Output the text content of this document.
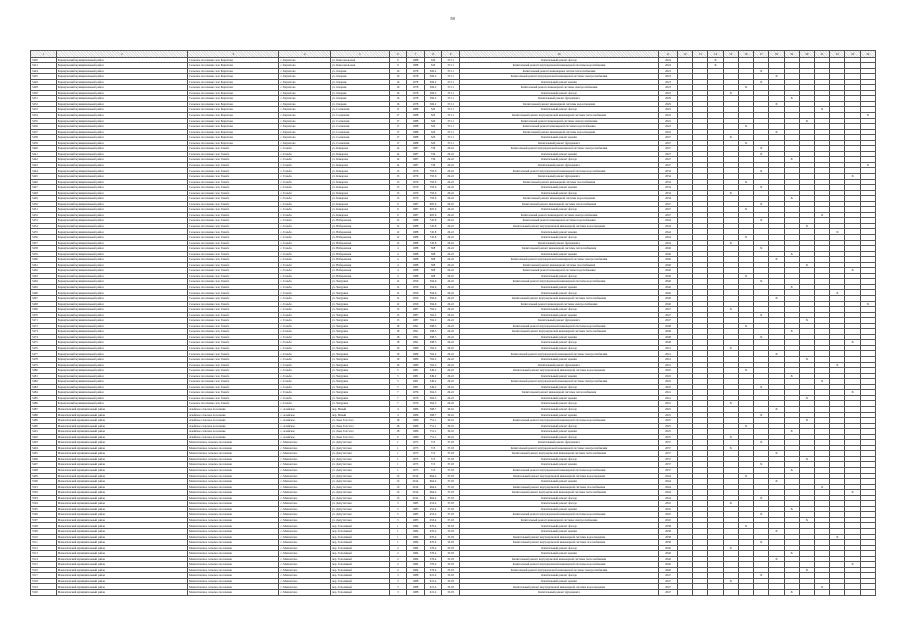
58
1	2	3	4	5	6	7	8	9	10	11	12	13	14	15	16	17	18	19	20	21	22	23	24
5420	Барнаульский муниципальный район	Сельское поселение село Бархатово	с. Бархатово	ул. Комсомольская	9	1988	520	37.11	Капитальный ремонт фасада	2024			X										
5421	Барнаульский муниципальный район	Сельское поселение село Бархатово	с. Бархатово	ул. Комсомольская	9	1988	520	37.11	Капитальный ремонт внутридомовой инженерной системы водоснабжения	2024			X										
5424	Барнаульский муниципальный район	Сельское поселение село Бархатово	с. Бархатово	ул. Озерная	16	1978	306.2	37.11	Капитальный ремонт инженерных систем теплоснабжения	2023						X							
5425	Барнаульский муниципальный район	Сельское поселение село Бархатово	с. Бархатово	ул. Озерная	16	1978	306.2	37.11	Капитальный ремонт внутридомовой инженерной системы электроснабжения	2023							X						
5426	Барнаульский муниципальный район	Сельское поселение село Бархатово	с. Бархатово	ул. Озерная	16	1978	306.2	37.11	Капитальный ремонт крыши	2023						X							
5428	Барнаульский муниципальный район	Сельское поселение село Бархатово	с. Бархатово	ул. Озерная	16	1978	306.2	37.11	Капитальный ремонт инженерной системы электроснабжения	2023					X								
5430	Барнаульский муниципальный район	Сельское поселение село Бархатово	с. Бархатово	ул. Озерная	16	1978	306.2	37.11	Капитальный ремонт фасада	2023				X									
5431	Барнаульский муниципальный район	Сельское поселение село Бархатово	с. Бархатово	ул. Озерная	16	1978	306.2	37.11	Капитальный ремонт фундамента	2029								X					
5432	Барнаульский муниципальный район	Сельское поселение село Бархатово	с. Бархатово	ул. Озерная	16	1978	306.2	37.11	Капитальный ремонт инженерной системы водоотведения	2029							X						
5433	Барнаульский муниципальный район	Сельское поселение село Бархатово	с. Бархатово	ул. Солнечная	17	1988	520	37.11	Капитальный ремонт фасада	2022										X			
5434	Барнаульский муниципальный район	Сельское поселение село Бархатово	с. Бархатово	ул. Солнечная	17	1988	520	37.11	Капитальный ремонт внутридомовой инженерной системы теплоснабжения	2022													X
5435	Барнаульский муниципальный район	Сельское поселение село Бархатово	с. Бархатово	ул. Солнечная	17	1988	520	37.11	Капитальный ремонт инженерной системы электроснабжения	2022									X				
5436	Барнаульский муниципальный район	Сельское поселение село Бархатово	с. Бархатово	ул. Солнечная	17	1988	520	37.11	Капитальный ремонт инженерной системы водоснабжения	2022					X								
5437	Барнаульский муниципальный район	Сельское поселение село Бархатово	с. Бархатово	ул. Солнечная	17	1988	520	37.11	Капитальный ремонт инженерной системы водоотведения	2022							X						
5438	Барнаульский муниципальный район	Сельское поселение село Бархатово	с. Бархатово	ул. Солнечная	17	1988	520	37.11	Капитальный ремонт крыши	2047				X									
5439	Барнаульский муниципальный район	Сельское поселение село Бархатово	с. Бархатово	ул. Солнечная	17	1988	520	37.11	Капитальный ремонт фундамента	2047					X								
5440	Барнаульский муниципальный район	Сельское поселение село Гоньба	с. Гоньба	ул. Комарова	14	1987	736	29.22	Капитальный ремонт внутридомовой инженерной системы электроснабжения	2047						X							
5441	Барнаульский муниципальный район	Сельское поселение село Гоньба	с. Гоньба	ул. Комарова	14	1987	736	29.22	Капитальный ремонт крыши	2047						X							
5442	Барнаульский муниципальный район	Сельское поселение село Гоньба	с. Гоньба	ул. Комарова	14	1987	736	29.22	Капитальный ремонт фасада	2047								X					
5443	Барнаульский муниципальный район	Сельское поселение село Гоньба	с. Гоньба	ул. Комарова	14	1987	736	29.22	Капитальный ремонт фундамента	2047													X
5444	Барнаульский муниципальный район	Сельское поселение село Гоньба	с. Гоньба	ул. Комарова	13	1979	793.6	29.22	Капитальный ремонт внутридомовой инженерной системы водоснабжения	2034						X							
5445	Барнаульский муниципальный район	Сельское поселение село Гоньба	с. Гоньба	ул. Комарова	13	1979	793.6	29.22	Капитальный ремонт фундамента	2034												X	
5446	Барнаульский муниципальный район	Сельское поселение село Гоньба	с. Гоньба	ул. Комарова	13	1979	793.6	29.22	Капитальный ремонт инженерной системы газоснабжения	2034					X								
5447	Барнаульский муниципальный район	Сельское поселение село Гоньба	с. Гоньба	ул. Комарова	13	1979	793.6	29.22	Капитальный ремонт крыши	2034						X							
5448	Барнаульский муниципальный район	Сельское поселение село Гоньба	с. Гоньба	ул. Комарова	13	1979	793.6	29.22	Капитальный ремонт фасада	2034				X									
5449	Барнаульский муниципальный район	Сельское поселение село Гоньба	с. Гоньба	ул. Комарова	13	1979	793.6	29.22	Капитальный ремонт инженерной системы водоотведения	2034								X					
5450	Барнаульский муниципальный район	Сельское поселение село Гоньба	с. Гоньба	ул. Комарова	9	1987	605.6	29.22	Капитальный ремонт инженерной системы теплоснабжения	2047						X							
5451	Барнаульский муниципальный район	Сельское поселение село Гоньба	с. Гоньба	ул. Комарова	9	1987	605.6	29.22	Капитальный ремонт фасада	2047					X								
5452	Барнаульский муниципальный район	Сельское поселение село Гоньба	с. Гоньба	ул. Комарова	9	1987	605.6	29.22	Капитальный ремонт инженерной системы электроснабжения	2047										X			
5453	Барнаульский муниципальный район	Сельское поселение село Гоньба	с. Гоньба	ул. Набережная	12	1988	745.8	29.22	Капитальный ремонт инженерной системы водоснабжения	2044						X							
5454	Барнаульский муниципальный район	Сельское поселение село Гоньба	с. Гоньба	ул. Набережная	12	1988	745.8	29.22	Капитальный ремонт внутридомовой инженерной системы водоотведения	2044									X				
5455	Барнаульский муниципальный район	Сельское поселение село Гоньба	с. Гоньба	ул. Набережная	12	1988	745.8	29.22	Капитальный ремонт крыши	2044											X		
5456	Барнаульский муниципальный район	Сельское поселение село Гоньба	с. Гоньба	ул. Набережная	12	1988	745.8	29.22	Капитальный ремонт фасада	2044					X								
5457	Барнаульский муниципальный район	Сельское поселение село Гоньба	с. Гоньба	ул. Набережная	12	1988	745.8	29.22	Капитальный ремонт фундамента	2044				X									
5458	Барнаульский муниципальный район	Сельское поселение село Гоньба	с. Гоньба	ул. Набережная	4	1988	308	29.22	Капитальный ремонт инженерной системы теплоснабжения	2046						X							
5459	Барнаульский муниципальный район	Сельское поселение село Гоньба	с. Гоньба	ул. Набережная	4	1988	308	29.22	Капитальный ремонт крыши	2046								X					
5460	Барнаульский муниципальный район	Сельское поселение село Гоньба	с. Гоньба	ул. Набережная	4	1988	308	29.22	Капитальный ремонт внутридомовой инженерной системы электроснабжения	2046							X						
5461	Барнаульский муниципальный район	Сельское поселение село Гоньба	с. Гоньба	ул. Набережная	4	1988	308	29.22	Капитальный ремонт инженерной системы газоснабжения	2046									X				
5462	Барнаульский муниципальный район	Сельское поселение село Гоньба	с. Гоньба	ул. Набережная	4	1988	308	29.22	Капитальный ремонт инженерной системы водоснабжения	2046												X	
5463	Барнаульский муниципальный район	Сельское поселение село Гоньба	с. Гоньба	ул. Набережная	4	1988	308	29.22	Капитальный ремонт фасада	2046					X								
5464	Барнаульский муниципальный район	Сельское поселение село Гоньба	с. Гоньба	ул. Чепурина	12	1959	594.6	29.22	Капитальный ремонт внутридомовой инженерной системы водоснабжения	2040						X							
5465	Барнаульский муниципальный район	Сельское поселение село Гоньба	с. Гоньба	ул. Чепурина	12	1959	594.6	29.22	Капитальный ремонт крыши	2040								X					
5466	Барнаульский муниципальный район	Сельское поселение село Гоньба	с. Гоньба	ул. Чепурина	12	1959	594.6	29.22	Капитальный ремонт фасада	2040											X		
5467	Барнаульский муниципальный район	Сельское поселение село Гоньба	с. Гоньба	ул. Чепурина	12	1959	594.6	29.22	Капитальный ремонт внутридомовой инженерной системы теплоснабжения	2040							X						
5468	Барнаульский муниципальный район	Сельское поселение село Гоньба	с. Гоньба	ул. Чепурина	12	1959	594.6	29.22	Капитальный ремонт инженерной системы электроснабжения	2040													X
5469	Барнаульский муниципальный район	Сельское поселение село Гоньба	с. Гоньба	ул. Чепурина	13	1987	762.2	29.22	Капитальный ремонт фасада	2047				X									
5470	Барнаульский муниципальный район	Сельское поселение село Гоньба	с. Гоньба	ул. Чепурина	13	1987	762.2	29.22	Капитальный ремонт крыши	2047						X							
5471	Барнаульский муниципальный район	Сельское поселение село Гоньба	с. Гоньба	ул. Чепурина	13	1987	762.2	29.22	Капитальный ремонт фундамента	2047									X				
5472	Барнаульский муниципальный район	Сельское поселение село Гоньба	с. Гоньба	ул. Чепурина	18	1991	398.5	29.22	Капитальный ремонт внутридомовой инженерной системы водоснабжения	2048					X								
5473	Барнаульский муниципальный район	Сельское поселение село Гоньба	с. Гоньба	ул. Чепурина	18	1991	398.5	29.22	Капитальный ремонт внутридомовой инженерной системы теплоснабжения	2048								X					
5474	Барнаульский муниципальный район	Сельское поселение село Гоньба	с. Гоньба	ул. Чепурина	18	1991	398.5	29.22	Капитальный ремонт крыши	2048						X							
5475	Барнаульский муниципальный район	Сельское поселение село Гоньба	с. Гоньба	ул. Чепурина	18	1991	398.5	29.22	Капитальный ремонт фасада	2048												X	
5476	Барнаульский муниципальный район	Сельское поселение село Гоньба	с. Гоньба	ул. Чепурина	19	1989	762.2	29.22	Капитальный ремонт фасада	2041				X									
5477	Барнаульский муниципальный район	Сельское поселение село Гоньба	с. Гоньба	ул. Чепурина	19	1989	762.2	29.22	Капитальный ремонт внутридомовой инженерной системы электроснабжения	2041							X						
5478	Барнаульский муниципальный район	Сельское поселение село Гоньба	с. Гоньба	ул. Чепурина	19	1989	762.2	29.22	Капитальный ремонт крыши	2041									X				
5479	Барнаульский муниципальный район	Сельское поселение село Гоньба	с. Гоньба	ул. Чепурина	19	1989	762.2	29.22	Капитальный ремонт фундамента	2041											X		
5480	Барнаульский муниципальный район	Сельское поселение село Гоньба	с. Гоньба	ул. Чепурина	5	1981	349.2	29.22	Капитальный ремонт внутридомовой инженерной системы водоотведения	2045					X								
5481	Барнаульский муниципальный район	Сельское поселение село Гоньба	с. Гоньба	ул. Чепурина	5	1981	349.2	29.22	Капитальный ремонт крыши	2045								X					
5482	Барнаульский муниципальный район	Сельское поселение село Гоньба	с. Гоньба	ул. Чепурина	5	1981	349.2	29.22	Капитальный ремонт внутридомовой инженерной системы электроснабжения	2045										X			
5483	Барнаульский муниципальный район	Сельское поселение село Гоньба	с. Гоньба	ул. Чепурина	5	1981	349.2	29.22	Капитальный ремонт фасада	2045						X							
5484	Барнаульский муниципальный район	Сельское поселение село Гоньба	с. Гоньба	ул. Чепурина	7	1976	364.3	29.22	Капитальный ремонт инженерной системы теплоснабжения	2041												X	
5485	Барнаульский муниципальный район	Сельское поселение село Гоньба	с. Гоньба	ул. Чепурина	7	1976	364.3	29.22	Капитальный ремонт крыши	2041									X				
5486	Барнаульский муниципальный район	Сельское поселение село Гоньба	с. Гоньба	ул. Чепурина	7	1976	364.3	29.22	Капитальный ремонт фасада	2041				X									
5487	Мамонтовский муниципальный район	Алейское сельское поселение	с. Алейское	пер. Новый	4	1986	368.7	30.16	Капитальный ремонт фасада	2025							X						
5488	Мамонтовский муниципальный район	Алейское сельское поселение	с. Алейское	пер. Новый	4	1986	368.7	30.16	Капитальный ремонт крыши	2025						X							
5489	Мамонтовский муниципальный район	Алейское сельское поселение	с. Алейское	ул. Льва Толстого	18	1986	751.1	30.16	Капитальный ремонт внутридомовой инженерной системы водоснабжения	2025									X				
5490	Мамонтовский муниципальный район	Алейское сельское поселение	с. Алейское	ул. Льва Толстого	18	1986	751.1	30.16	Капитальный ремонт фасада	2025					X								
5491	Мамонтовский муниципальный район	Алейское сельское поселение	с. Алейское	ул. Льва Толстого	18	1986	751.1	30.16	Капитальный ремонт крыши	2025								X					
5492	Мамонтовский муниципальный район	Алейское сельское поселение	с. Алейское	ул. Льва Толстого	6	1986	751.1	30.16	Капитальный ремонт фасада	2025				X									
5493	Мамонтовский муниципальный район	Мамонтовское сельское поселение	с. Мамонтово	ул. Депутатская	1	1975	713	37.18	Капитальный ремонт фундамента	2037						X							
5494	Мамонтовский муниципальный район	Мамонтовское сельское поселение	с. Мамонтово	ул. Депутатская	1	1975	713	37.18	Капитальный ремонт внутридомовой инженерной системы электроснабжения	2037				X									
5495	Мамонтовский муниципальный район	Мамонтовское сельское поселение	с. Мамонтово	ул. Депутатская	1	1975	713	37.18	Капитальный ремонт внутридомовой инженерной системы теплоснабжения	2037							X						
5496	Мамонтовский муниципальный район	Мамонтовское сельское поселение	с. Мамонтово	ул. Депутатская	1	1975	713	37.18	Капитальный ремонт фасада	2037									X				
5497	Мамонтовский муниципальный район	Мамонтовское сельское поселение	с. Мамонтово	ул. Депутатская	1	1975	713	37.18	Капитальный ремонт крыши	2037						X							
5498	Мамонтовский муниципальный район	Мамонтовское сельское поселение	с. Мамонтово	ул. Депутатская	1	1975	713	37.18	Капитальный ремонт внутридомовой инженерной системы водоснабжения	2037								X					
5499	Мамонтовский муниципальный район	Мамонтовское сельское поселение	с. Мамонтово	ул. Депутатская	1б	2014	664.4	37.18	Капитальный ремонт внутридомовой инженерной системы водоотведения	2044					X								
5500	Мамонтовский муниципальный район	Мамонтовское сельское поселение	с. Мамонтово	ул. Депутатская	1б	2014	664.4	37.18	Капитальный ремонт крыши	2044							X						
5501	Мамонтовский муниципальный район	Мамонтовское сельское поселение	с. Мамонтово	ул. Депутатская	1б	2014	664.4	37.18	Капитальный ремонт внутридомовой инженерной системы газоснабжения	2044										X			
5502	Мамонтовский муниципальный район	Мамонтовское сельское поселение	с. Мамонтово	ул. Депутатская	1б	2014	664.4	37.18	Капитальный ремонт внутридомовой инженерной системы теплоснабжения	2044												X	
5503	Мамонтовский муниципальный район	Мамонтовское сельское поселение	с. Мамонтово	ул. Депутатская	1б	2014	664.4	37.18	Капитальный ремонт фасада	2044						X							
5504	Мамонтовский муниципальный район	Мамонтовское сельское поселение	с. Мамонтово	ул. Депутатская	5	1985	453.4	37.18	Капитальный ремонт фасада	2045				X									
5505	Мамонтовский муниципальный район	Мамонтовское сельское поселение	с. Мамонтово	ул. Депутатская	5	1985	453.4	37.18	Капитальный ремонт крыши	2045								X					
5506	Мамонтовский муниципальный район	Мамонтовское сельское поселение	с. Мамонтово	ул. Депутатская	5	1985	453.4	37.18	Капитальный ремонт внутридомовой инженерной системы водоснабжения	2045						X							
5507	Мамонтовский муниципальный район	Мамонтовское сельское поселение	с. Мамонтово	ул. Депутатская	5	1985	453.4	37.18	Капитальный ремонт инженерной системы электроснабжения	2045									X				
5508	Мамонтовский муниципальный район	Мамонтовское сельское поселение	с. Мамонтово	пер. Тополиный	1	1984	670.4	35.03	Капитальный ремонт фасада	2038					X								
5509	Мамонтовский муниципальный район	Мамонтовское сельское поселение	с. Мамонтово	пер. Тополиный	1	1984	670.4	35.03	Капитальный ремонт крыши	2038							X						
5510	Мамонтовский муниципальный район	Мамонтовское сельское поселение	с. Мамонтово	пер. Тополиный	1	1984	670.4	35.03	Капитальный ремонт внутридомовой инженерной системы водоотведения	2038											X		
5511	Мамонтовский муниципальный район	Мамонтовское сельское поселение	с. Мамонтово	пер. Тополиный	1	1984	670.4	35.03	Капитальный ремонт внутридомовой инженерной системы газоснабжения	2038						X							
5512	Мамонтовский муниципальный район	Мамонтовское сельское поселение	с. Мамонтово	пер. Тополиный	2	1984	576.4	35.03	Капитальный ремонт фасада	2040				X									
5513	Мамонтовский муниципальный район	Мамонтовское сельское поселение	с. Мамонтово	пер. Тополиный	2	1984	576.4	35.03	Капитальный ремонт крыши	2040								X					
5514	Мамонтовский муниципальный район	Мамонтовское сельское поселение	с. Мамонтово	пер. Тополиный	2	1984	576.4	35.03	Капитальный ремонт внутридомовой инженерной системы теплоснабжения	2040							X						
5515	Мамонтовский муниципальный район	Мамонтовское сельское поселение	с. Мамонтово	пер. Тополиный	2	1984	576.4	35.03	Капитальный ремонт внутридомовой инженерной системы водоснабжения	2040												X	
5516	Мамонтовский муниципальный район	Мамонтовское сельское поселение	с. Мамонтово	пер. Тополиный	2	1984	576.4	35.03	Капитальный ремонт внутридомовой инженерной системы электроснабжения	2040									X				
5517	Мамонтовский муниципальный район	Мамонтовское сельское поселение	с. Мамонтово	пер. Тополиный	3	1988	615.4	35.03	Капитальный ремонт фасада	2047						X							
5518	Мамонтовский муниципальный район	Мамонтовское сельское поселение	с. Мамонтово	пер. Тополиный	3	1988	615.4	35.03	Капитальный ремонт крыши	2047				X									
5519	Мамонтовский муниципальный район	Мамонтовское сельское поселение	с. Мамонтово	пер. Тополиный	3	1988	615.4	35.03	Капитальный ремонт внутридомовой инженерной системы водоотведения	2047										X			
5520	Мамонтовский муниципальный район	Мамонтовское сельское поселение	с. Мамонтово	пер. Тополиный	3	1988	615.4	35.03	Капитальный ремонт фундамента	2047								X					
